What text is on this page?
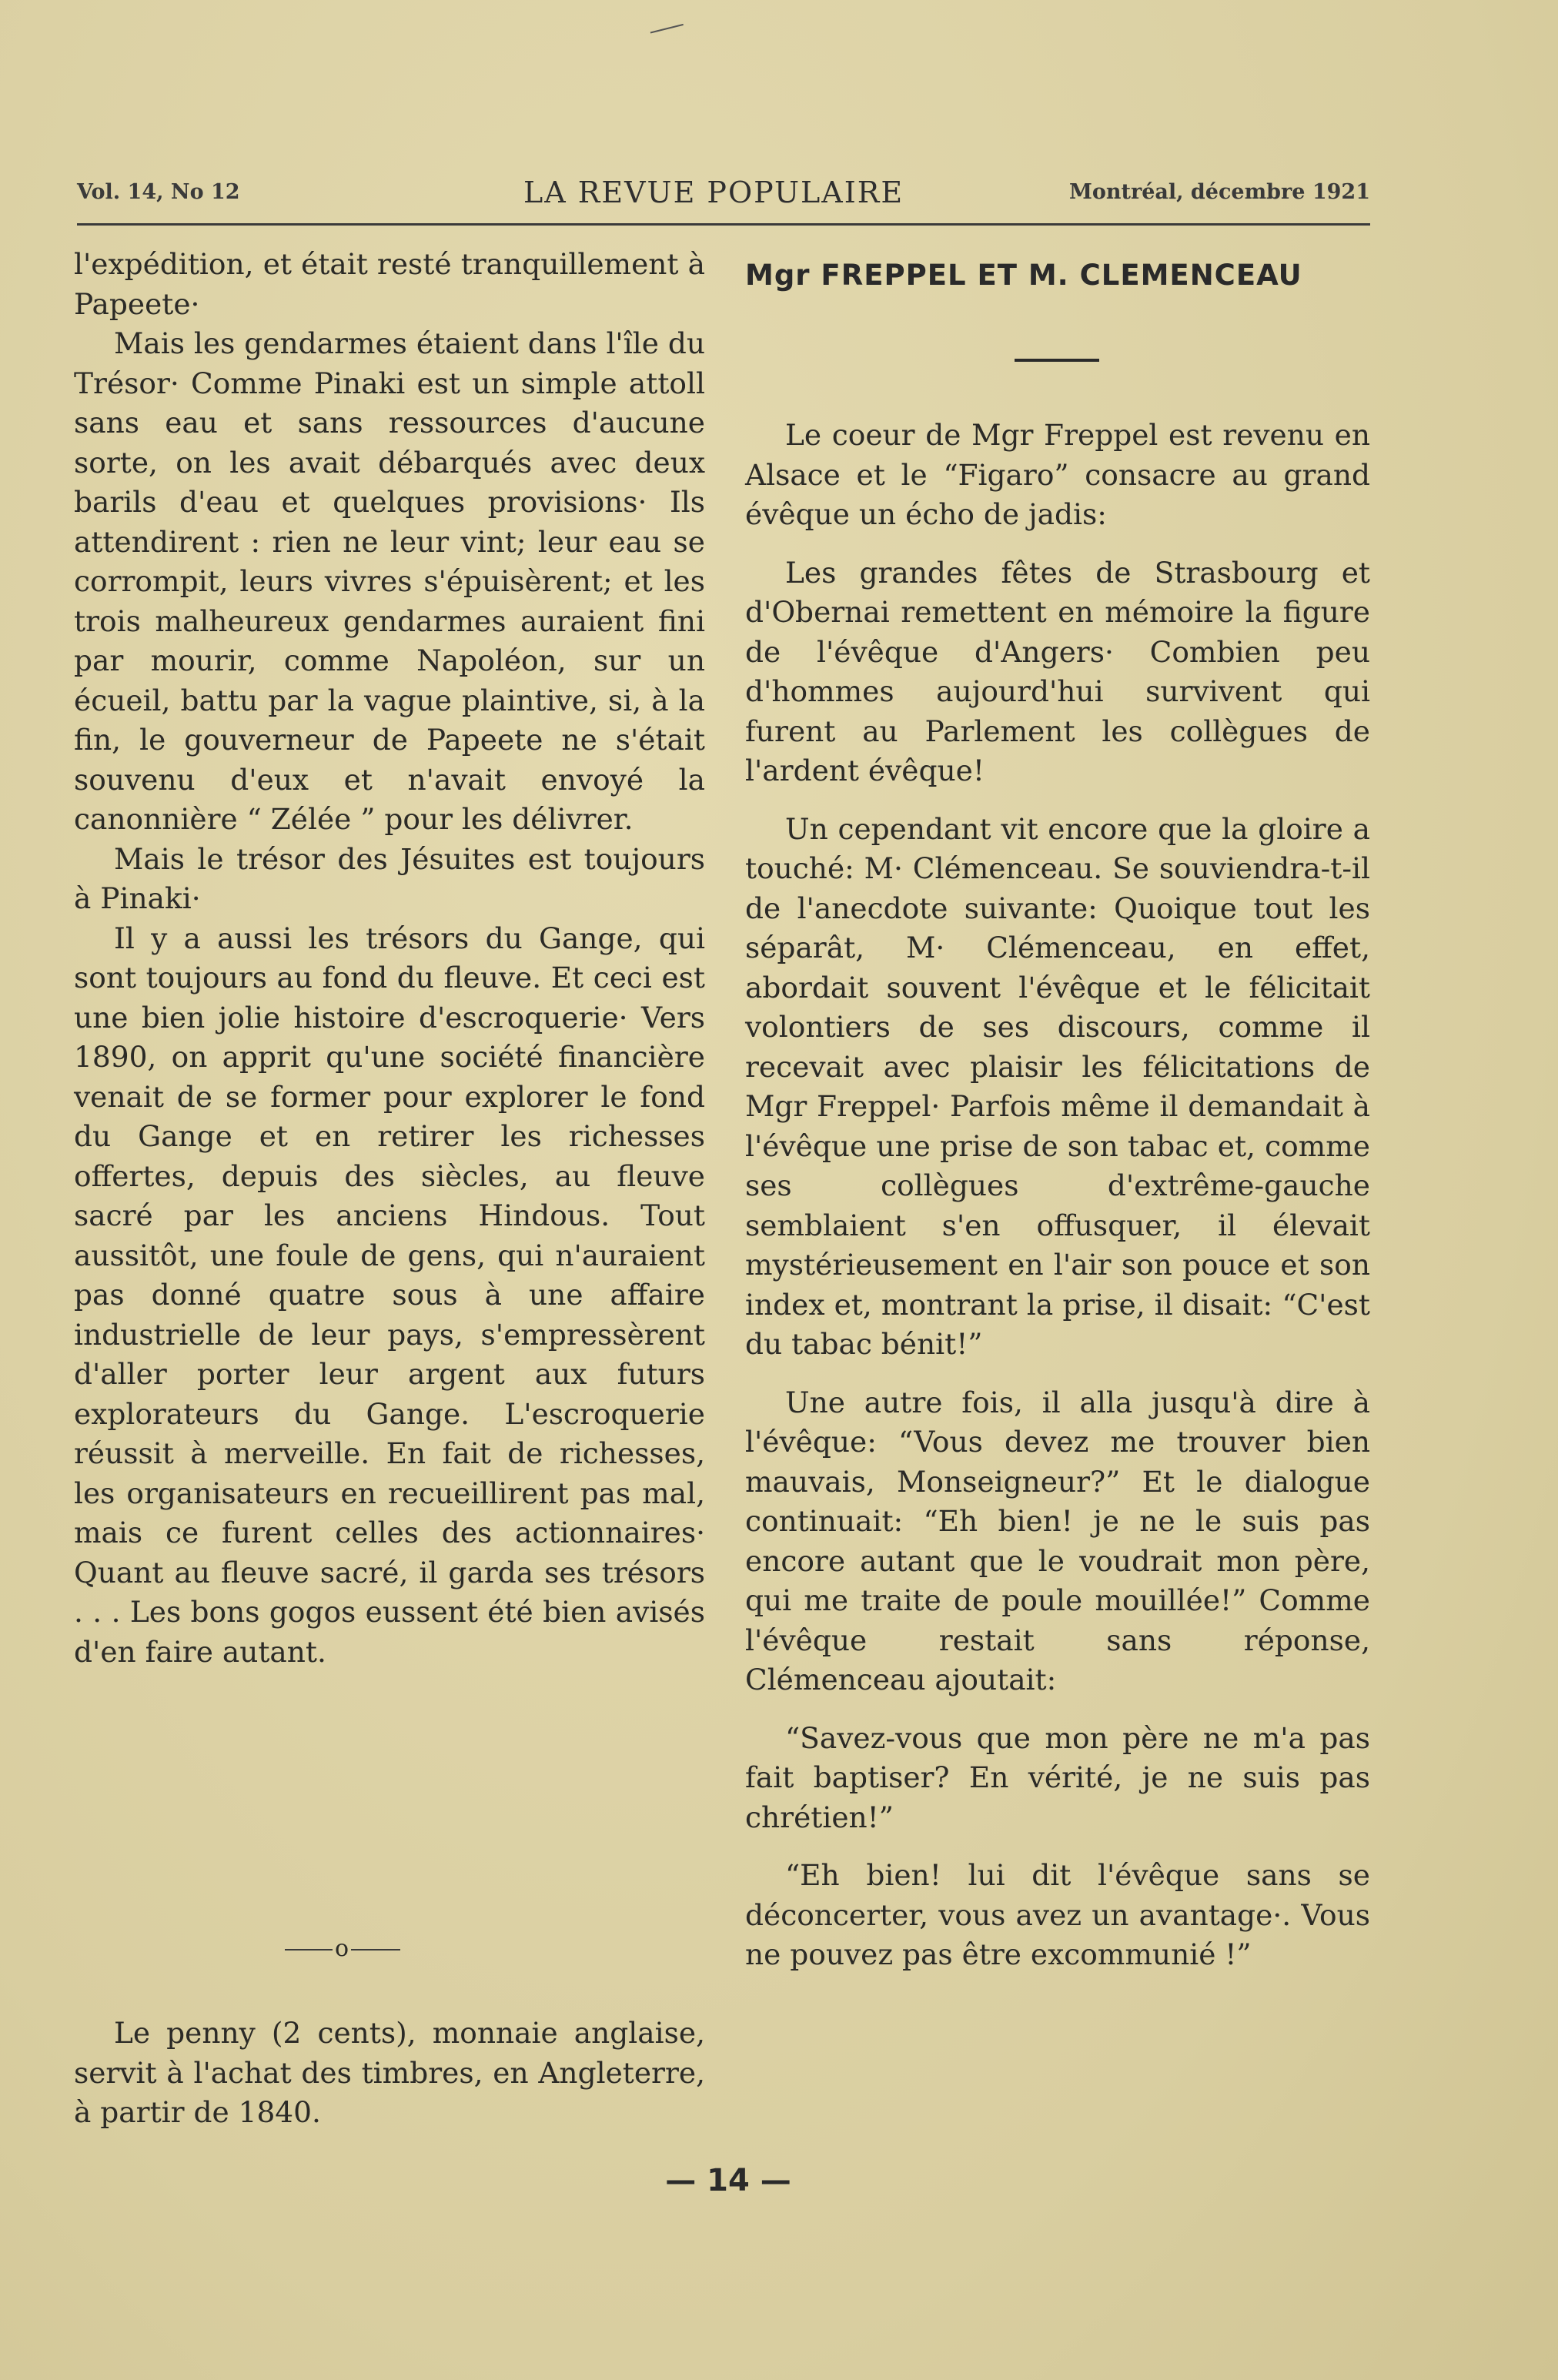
Vol. 14, No 12	LA REVUE POPULAIRE	Montréal, décembre 1921

l'expédition, et était resté tranquillement à Papeete·

Mais les gendarmes étaient dans l'île du Trésor· Comme Pinaki est un simple attoll sans eau et sans ressources d'aucune sorte, on les avait débarqués avec deux barils d'eau et quelques provisions· Ils attendirent : rien ne leur vint; leur eau se corrompit, leurs vivres s'épuisèrent; et les trois malheureux gendarmes auraient fini par mourir, comme Napoléon, sur un écueil, battu par la vague plaintive, si, à la fin, le gouverneur de Papeete ne s'était souvenu d'eux et n'avait envoyé la canonnière “ Zélée ” pour les délivrer.

Mais le trésor des Jésuites est toujours à Pinaki·

Il y a aussi les trésors du Gange, qui sont toujours au fond du fleuve. Et ceci est une bien jolie histoire d'escroquerie· Vers 1890, on apprit qu'une société financière venait de se former pour explorer le fond du Gange et en retirer les richesses offertes, depuis des siècles, au fleuve sacré par les anciens Hindous. Tout aussitôt, une foule de gens, qui n'auraient pas donné quatre sous à une affaire industrielle de leur pays, s'empressèrent d'aller porter leur argent aux futurs explorateurs du Gange. L'escroquerie réussit à merveille. En fait de richesses, les organisateurs en recueillirent pas mal, mais ce furent celles des actionnaires· Quant au fleuve sacré, il garda ses trésors . . . Les bons gogos eussent été bien avisés d'en faire autant.

o

Le penny (2 cents), monnaie anglaise, servit à l'achat des timbres, en Angleterre, à partir de 1840.

Mgr FREPPEL ET M. CLEMENCEAU

Le coeur de Mgr Freppel est revenu en Alsace et le “Figaro” consacre au grand évêque un écho de jadis:

Les grandes fêtes de Strasbourg et d'Obernai remettent en mémoire la figure de l'évêque d'Angers· Combien peu d'hommes aujourd'hui survivent qui furent au Parlement les collègues de l'ardent évêque!

Un cependant vit encore que la gloire a touché: M· Clémenceau. Se souviendra-t-il de l'anecdote suivante: Quoique tout les séparât, M· Clémenceau, en effet, abordait souvent l'évêque et le félicitait volontiers de ses discours, comme il recevait avec plaisir les félicitations de Mgr Freppel· Parfois même il demandait à l'évêque une prise de son tabac et, comme ses collègues d'extrême-gauche semblaient s'en offusquer, il élevait mystérieusement en l'air son pouce et son index et, montrant la prise, il disait: “C'est du tabac bénit!”

Une autre fois, il alla jusqu'à dire à l'évêque: “Vous devez me trouver bien mauvais, Monseigneur?” Et le dialogue continuait: “Eh bien! je ne le suis pas encore autant que le voudrait mon père, qui me traite de poule mouillée!” Comme l'évêque restait sans réponse, Clémenceau ajoutait:

“Savez-vous que mon père ne m'a pas fait baptiser? En vérité, je ne suis pas chrétien!”

“Eh bien! lui dit l'évêque sans se déconcerter, vous avez un avantage·. Vous ne pouvez pas être excommunié !”

— 14 —
